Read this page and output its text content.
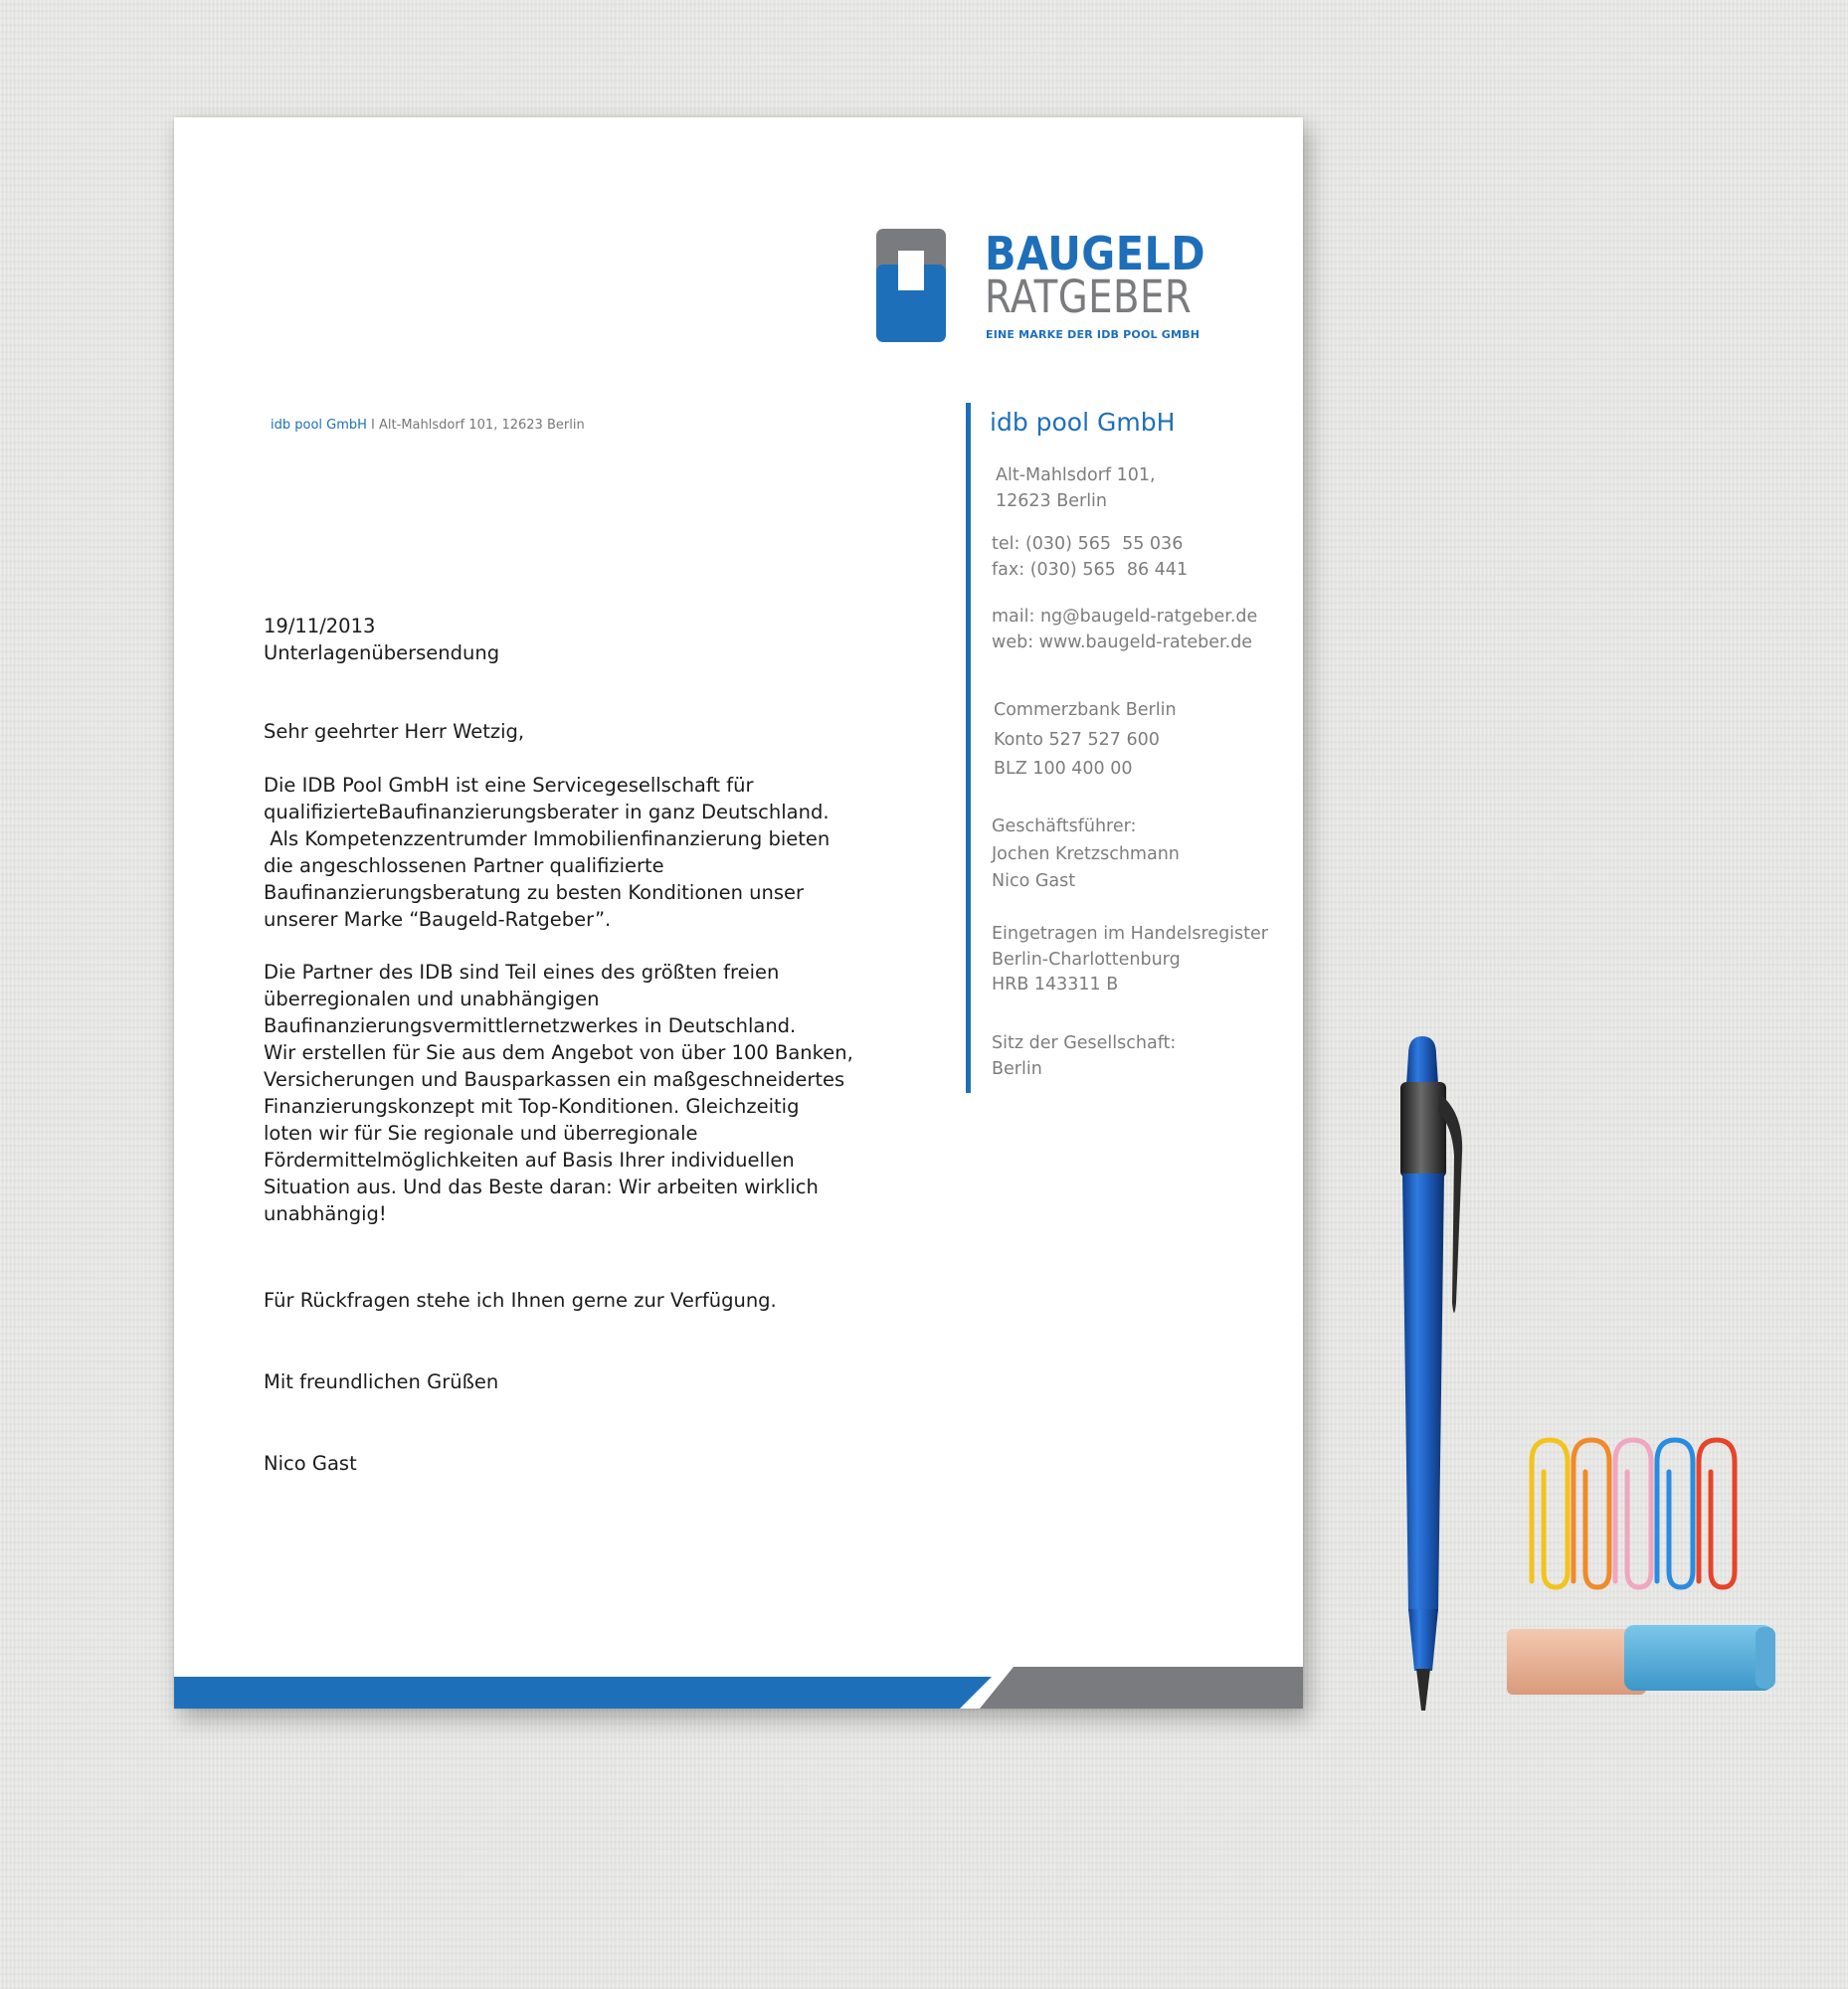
BAUGELD
RATGEBER
EINE MARKE DER IDB POOL GMBH
idb pool GmbH I Alt-Mahlsdorf 101, 12623 Berlin
19/11/2013
Unterlagenübersendung
Sehr geehrter Herr Wetzig,
Die IDB Pool GmbH ist eine Servicegesellschaft für
qualifizierteBaufinanzierungsberater in ganz Deutschland.
Als Kompetenzzentrumder Immobilienfinanzierung bieten
die angeschlossenen Partner qualifizierte
Baufinanzierungsberatung zu besten Konditionen unser
unserer Marke “Baugeld-Ratgeber”.
Die Partner des IDB sind Teil eines des größten freien
überregionalen und unabhängigen
Baufinanzierungsvermittlernetzwerkes in Deutschland.
Wir erstellen für Sie aus dem Angebot von über 100 Banken,
Versicherungen und Bausparkassen ein maßgeschneidertes
Finanzierungskonzept mit Top-Konditionen. Gleichzeitig
loten wir für Sie regionale und überregionale
Fördermittelmöglichkeiten auf Basis Ihrer individuellen
Situation aus. Und das Beste daran: Wir arbeiten wirklich
unabhängig!
Für Rückfragen stehe ich Ihnen gerne zur Verfügung.
Mit freundlichen Grüßen
Nico Gast
idb pool GmbH
Alt-Mahlsdorf 101,
12623 Berlin
tel: (030) 565  55 036
fax: (030) 565  86 441
mail: ng@baugeld-ratgeber.de
web: www.baugeld-rateber.de
Commerzbank Berlin
Konto 527 527 600
BLZ 100 400 00
Geschäftsführer:
Jochen Kretzschmann
Nico Gast
Eingetragen im Handelsregister
Berlin-Charlottenburg
HRB 143311 B
Sitz der Gesellschaft:
Berlin
